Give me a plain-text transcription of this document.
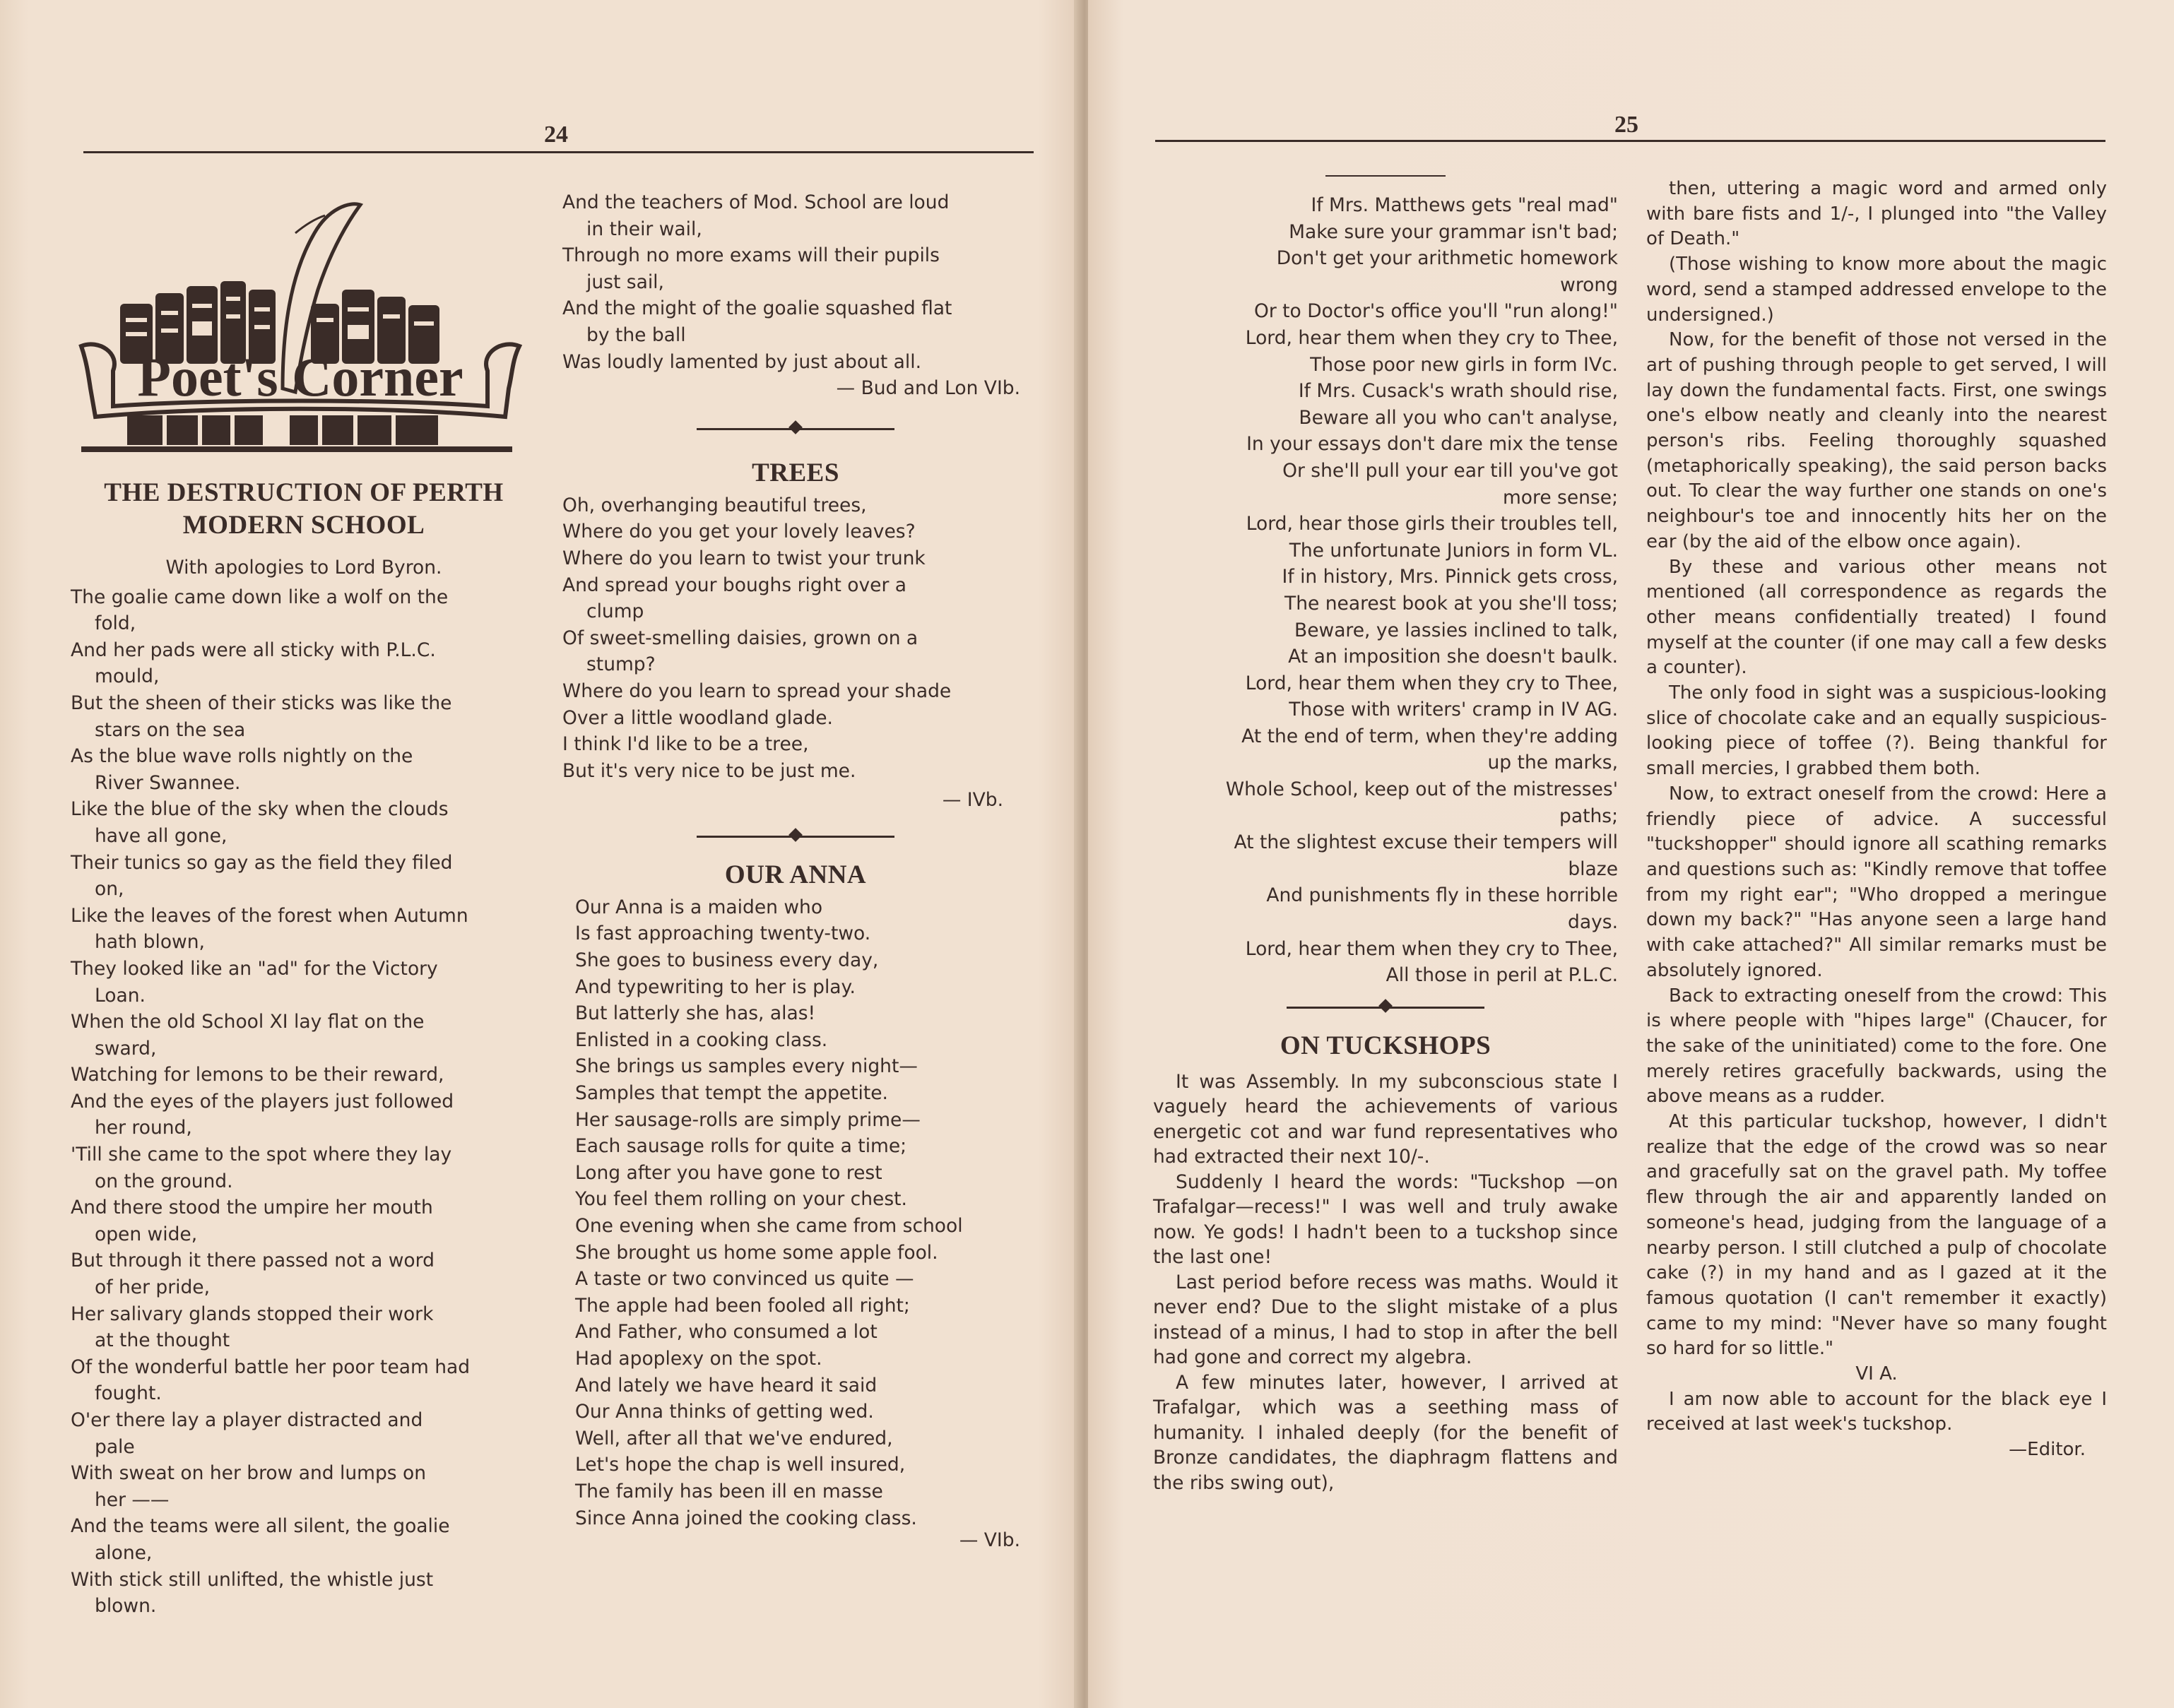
24
Poet's Corner
THE DESTRUCTION OF PERTH MODERN SCHOOL

With apologies to Lord Byron.

The goalie came down like a wolf on the
fold,

And her pads were all sticky with P.L.C.
mould,

But the sheen of their sticks was like the
stars on the sea

As the blue wave rolls nightly on the
River Swannee.

Like the blue of the sky when the clouds
have all gone,

Their tunics so gay as the field they filed
on,

Like the leaves of the forest when Autumn
hath blown,

They looked like an "ad" for the Victory
Loan.

When the old School XI lay flat on the
sward,

Watching for lemons to be their reward,

And the eyes of the players just followed
her round,

'Till she came to the spot where they lay
on the ground.

And there stood the umpire her mouth
open wide,

But through it there passed not a word
of her pride,

Her salivary glands stopped their work
at the thought

Of the wonderful battle her poor team had
fought.

O'er there lay a player distracted and
pale

With sweat on her brow and lumps on
her ——

And the teams were all silent, the goalie
alone,

With stick still unlifted, the whistle just
blown.

And the teachers of Mod. School are loud
in their wail,

Through no more exams will their pupils
just sail,

And the might of the goalie squashed flat
by the ball

Was loudly lamented by just about all.

— Bud and Lon VIb.

TREES

Oh, overhanging beautiful trees,

Where do you get your lovely leaves?

Where do you learn to twist your trunk

And spread your boughs right over a
clump

Of sweet-smelling daisies, grown on a
stump?

Where do you learn to spread your shade

Over a little woodland glade.

I think I'd like to be a tree,

But it's very nice to be just me.

— IVb.

OUR ANNA

Our Anna is a maiden who

Is fast approaching twenty-two.

She goes to business every day,

And typewriting to her is play.

But latterly she has, alas!

Enlisted in a cooking class.

She brings us samples every night—

Samples that tempt the appetite.

Her sausage-rolls are simply prime—

Each sausage rolls for quite a time;

Long after you have gone to rest

You feel them rolling on your chest.

One evening when she came from school

She brought us home some apple fool.

A taste or two convinced us quite —

The apple had been fooled all right;

And Father, who consumed a lot

Had apoplexy on the spot.

And lately we have heard it said

Our Anna thinks of getting wed.

Well, after all that we've endured,

Let's hope the chap is well insured,

The family has been ill en masse

Since Anna joined the cooking class.

— VIb.

25

If Mrs. Matthews gets "real mad"

Make sure your grammar isn't bad;

Don't get your arithmetic homework
wrong

Or to Doctor's office you'll "run along!"

Lord, hear them when they cry to Thee,

Those poor new girls in form IVc.

If Mrs. Cusack's wrath should rise,

Beware all you who can't analyse,

In your essays don't dare mix the tense

Or she'll pull your ear till you've got
more sense;

Lord, hear those girls their troubles tell,

The unfortunate Juniors in form VL.

If in history, Mrs. Pinnick gets cross,

The nearest book at you she'll toss;

Beware, ye lassies inclined to talk,

At an imposition she doesn't baulk.

Lord, hear them when they cry to Thee,

Those with writers' cramp in IV AG.

At the end of term, when they're adding
up the marks,

Whole School, keep out of the mistresses'
paths;

At the slightest excuse their tempers will
blaze

And punishments fly in these horrible
days.

Lord, hear them when they cry to Thee,

All those in peril at P.L.C.

ON TUCKSHOPS

It was Assembly. In my subconscious state I vaguely heard the achievements of various energetic cot and war fund representatives who had extracted their next 10/-.

Suddenly I heard the words: "Tuckshop —on Trafalgar—recess!" I was well and truly awake now. Ye gods! I hadn't been to a tuckshop since the last one!

Last period before recess was maths. Would it never end? Due to the slight mistake of a plus instead of a minus, I had to stop in after the bell had gone and correct my algebra.

A few minutes later, however, I arrived at Trafalgar, which was a seething mass of humanity. I inhaled deeply (for the benefit of Bronze candidates, the diaphragm flattens and the ribs swing out),

then, uttering a magic word and armed only with bare fists and 1/-, I plunged into "the Valley of Death."

(Those wishing to know more about the magic word, send a stamped addressed envelope to the undersigned.)

Now, for the benefit of those not versed in the art of pushing through people to get served, I will lay down the fundamental facts. First, one swings one's elbow neatly and cleanly into the nearest person's ribs. Feeling thoroughly squashed (metaphorically speaking), the said person backs out. To clear the way further one stands on one's neighbour's toe and innocently hits her on the ear (by the aid of the elbow once again).

By these and various other means not mentioned (all correspondence as regards the other means confidentially treated) I found myself at the counter (if one may call a few desks a counter).

The only food in sight was a suspicious-looking slice of chocolate cake and an equally suspicious-looking piece of toffee (?). Being thankful for small mercies, I grabbed them both.

Now, to extract oneself from the crowd: Here a friendly piece of advice. A successful "tuckshopper" should ignore all scathing remarks and questions such as: "Kindly remove that toffee from my right ear"; "Who dropped a meringue down my back?" "Has anyone seen a large hand with cake attached?" All similar remarks must be absolutely ignored.

Back to extracting oneself from the crowd: This is where people with "hipes large" (Chaucer, for the sake of the uninitiated) come to the fore. One merely retires gracefully backwards, using the above means as a rudder.

At this particular tuckshop, however, I didn't realize that the edge of the crowd was so near and gracefully sat on the gravel path. My toffee flew through the air and apparently landed on someone's head, judging from the language of a nearby person. I still clutched a pulp of chocolate cake (?) in my hand and as I gazed at it the famous quotation (I can't remember it exactly) came to my mind: "Never have so many fought so hard for so little."

VI A.

I am now able to account for the black eye I received at last week's tuckshop.

—Editor.
